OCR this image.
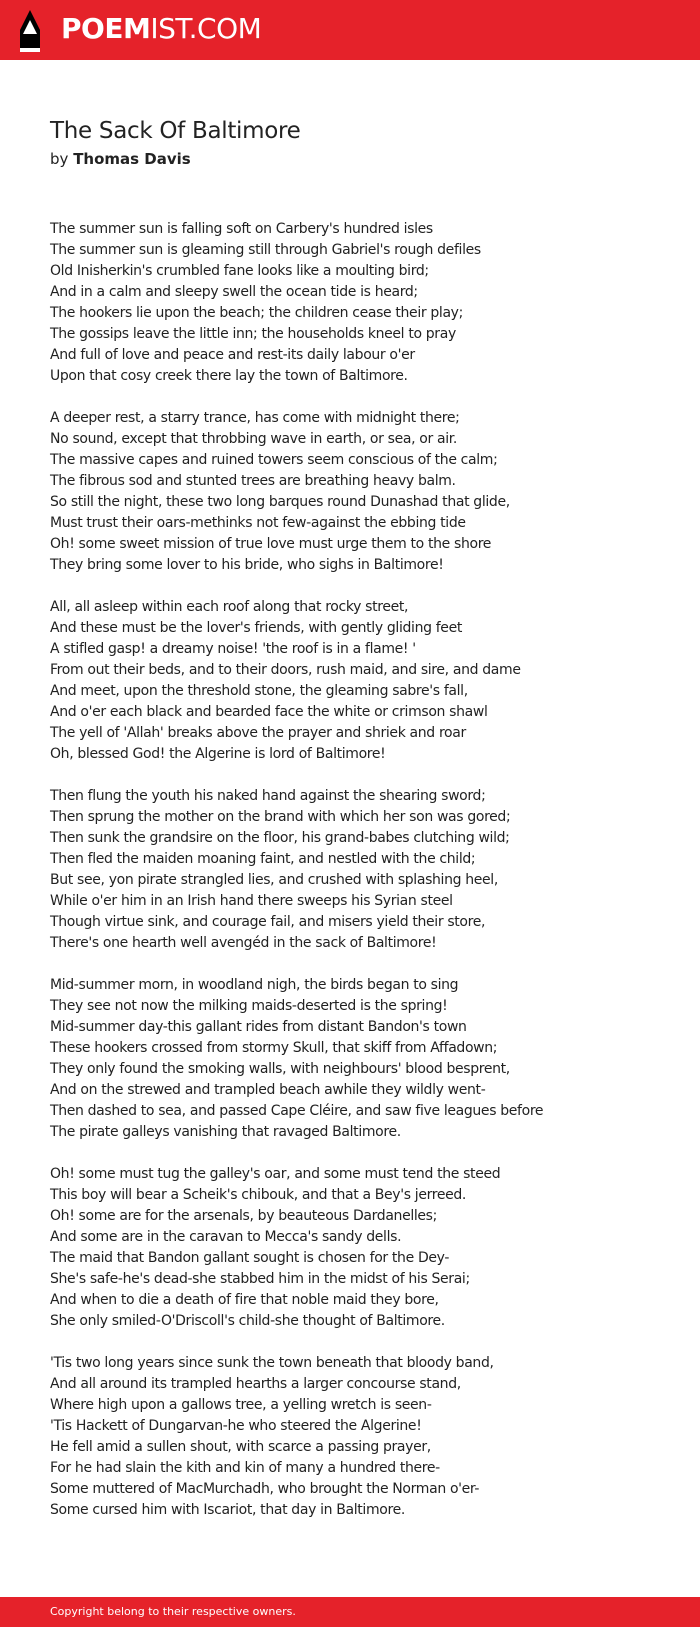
POEMIST.COM
The Sack Of Baltimore
by Thomas Davis
The summer sun is falling soft on Carbery's hundred isles
The summer sun is gleaming still through Gabriel's rough defiles
Old Inisherkin's crumbled fane looks like a moulting bird;
And in a calm and sleepy swell the ocean tide is heard;
The hookers lie upon the beach; the children cease their play;
The gossips leave the little inn; the households kneel to pray
And full of love and peace and rest-its daily labour o'er
Upon that cosy creek there lay the town of Baltimore.
A deeper rest, a starry trance, has come with midnight there;
No sound, except that throbbing wave in earth, or sea, or air.
The massive capes and ruined towers seem conscious of the calm;
The fibrous sod and stunted trees are breathing heavy balm.
So still the night, these two long barques round Dunashad that glide,
Must trust their oars-methinks not few-against the ebbing tide
Oh! some sweet mission of true love must urge them to the shore
They bring some lover to his bride, who sighs in Baltimore!
All, all asleep within each roof along that rocky street,
And these must be the lover's friends, with gently gliding feet
A stifled gasp! a dreamy noise! 'the roof is in a flame! '
From out their beds, and to their doors, rush maid, and sire, and dame
And meet, upon the threshold stone, the gleaming sabre's fall,
And o'er each black and bearded face the white or crimson shawl
The yell of 'Allah' breaks above the prayer and shriek and roar
Oh, blessed God! the Algerine is lord of Baltimore!
Then flung the youth his naked hand against the shearing sword;
Then sprung the mother on the brand with which her son was gored;
Then sunk the grandsire on the floor, his grand-babes clutching wild;
Then fled the maiden moaning faint, and nestled with the child;
But see, yon pirate strangled lies, and crushed with splashing heel,
While o'er him in an Irish hand there sweeps his Syrian steel
Though virtue sink, and courage fail, and misers yield their store,
There's one hearth well avengéd in the sack of Baltimore!
Mid-summer morn, in woodland nigh, the birds began to sing
They see not now the milking maids-deserted is the spring!
Mid-summer day-this gallant rides from distant Bandon's town
These hookers crossed from stormy Skull, that skiff from Affadown;
They only found the smoking walls, with neighbours' blood besprent,
And on the strewed and trampled beach awhile they wildly went-
Then dashed to sea, and passed Cape Cléire, and saw five leagues before
The pirate galleys vanishing that ravaged Baltimore.
Oh! some must tug the galley's oar, and some must tend the steed
This boy will bear a Scheik's chibouk, and that a Bey's jerreed.
Oh! some are for the arsenals, by beauteous Dardanelles;
And some are in the caravan to Mecca's sandy dells.
The maid that Bandon gallant sought is chosen for the Dey-
She's safe-he's dead-she stabbed him in the midst of his Serai;
And when to die a death of fire that noble maid they bore,
She only smiled-O'Driscoll's child-she thought of Baltimore.
'Tis two long years since sunk the town beneath that bloody band,
And all around its trampled hearths a larger concourse stand,
Where high upon a gallows tree, a yelling wretch is seen-
'Tis Hackett of Dungarvan-he who steered the Algerine!
He fell amid a sullen shout, with scarce a passing prayer,
For he had slain the kith and kin of many a hundred there-
Some muttered of MacMurchadh, who brought the Norman o'er-
Some cursed him with Iscariot, that day in Baltimore.
Copyright belong to their respective owners.
